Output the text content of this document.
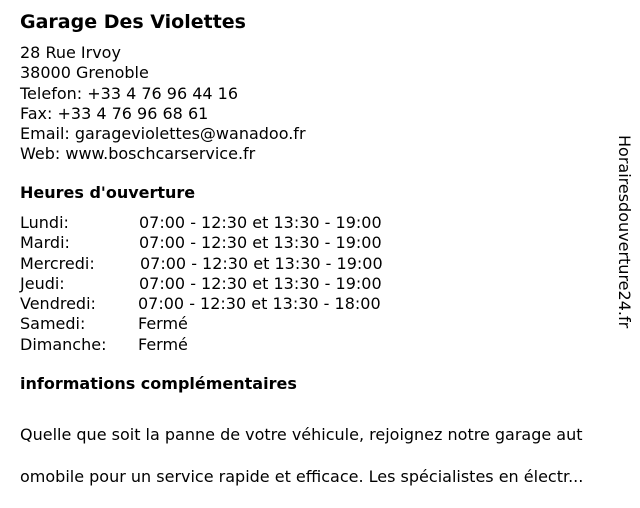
Garage Des Violettes
28 Rue Irvoy
38000 Grenoble
Telefon: +33 4 76 96 44 16
Fax: +33 4 76 96 68 61
Email: garageviolettes@wanadoo.fr
Web: www.boschcarservice.fr
Heures d'ouverture
Lundi:	07:00 - 12:30 et 13:30 - 19:00
Mardi:	07:00 - 12:30 et 13:30 - 19:00
Mercredi:	07:00 - 12:30 et 13:30 - 19:00
Jeudi:	07:00 - 12:30 et 13:30 - 19:00
Vendredi:	07:00 - 12:30 et 13:30 - 18:00
Samedi:	Fermé
Dimanche: Fermé
informations complémentaires

Quelle que soit la panne de votre véhicule, rejoignez notre garage aut

omobile pour un service rapide et efficace. Les spécialistes en électr...

Horairesdouverture24.fr
